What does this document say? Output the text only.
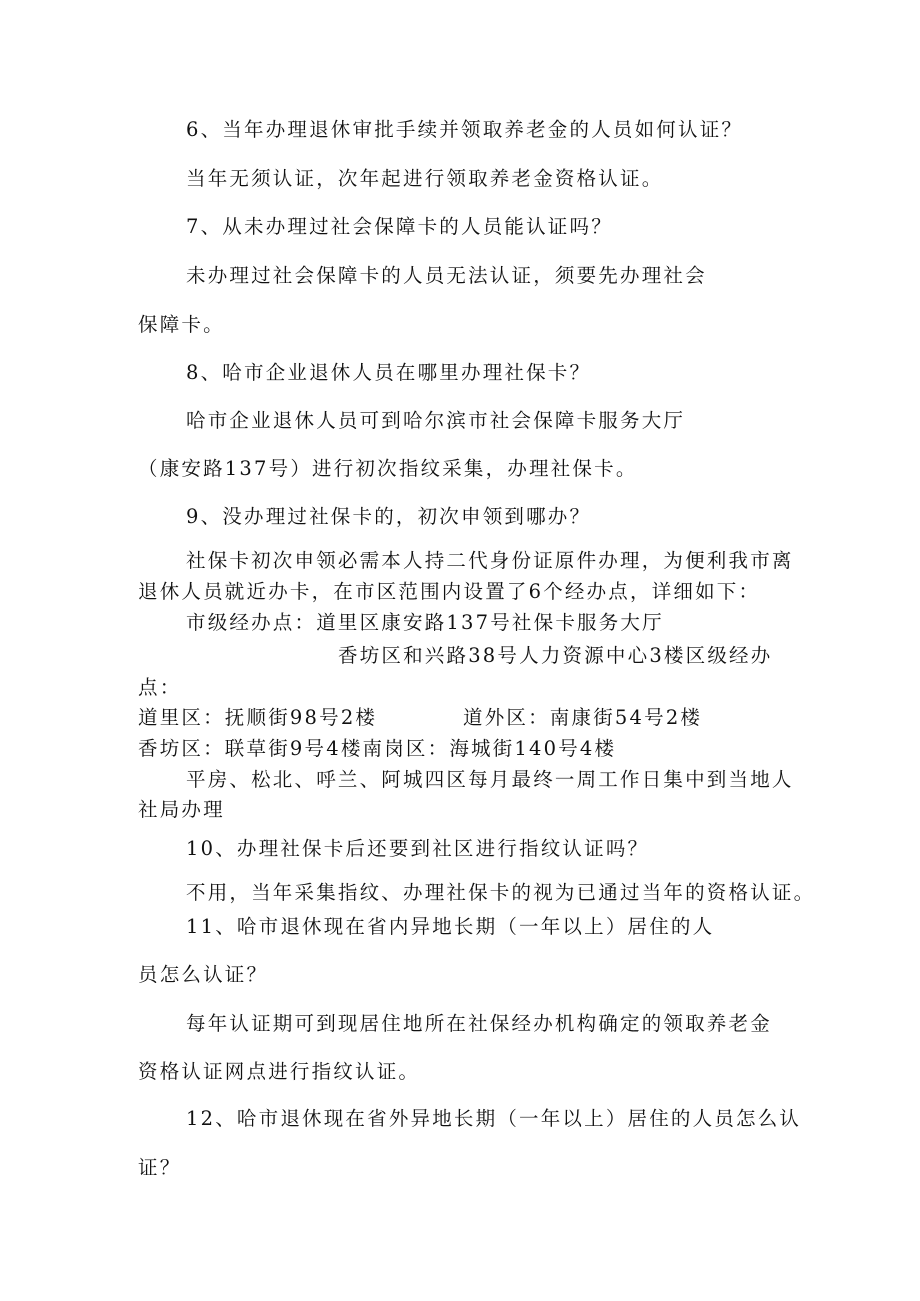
6、当年办理退休审批手续并领取养老金的人员如何认证？

当年无须认证，次年起进行领取养老金资格认证。

7、从未办理过社会保障卡的人员能认证吗？

未办理过社会保障卡的人员无法认证，须要先办理社会

保障卡。

8、哈市企业退休人员在哪里办理社保卡？

哈市企业退休人员可到哈尔滨市社会保障卡服务大厅

（康安路137号）进行初次指纹采集，办理社保卡。

9、没办理过社保卡的，初次申领到哪办？

社保卡初次申领必需本人持二代身份证原件办理，为便利我市离

退休人员就近办卡，在市区范围内设置了6个经办点，详细如下：

市级经办点：道里区康安路137号社保卡服务大厅

香坊区和兴路38号人力资源中心3楼区级经办

点：

道里区：抚顺街98号2楼	道外区：南康街54号2楼

香坊区：联草街9号4楼南岗区：海城街140号4楼

平房、松北、呼兰、阿城四区每月最终一周工作日集中到当地人

社局办理

10、办理社保卡后还要到社区进行指纹认证吗？

不用，当年采集指纹、办理社保卡的视为已通过当年的资格认证。

11、哈市退休现在省内异地长期（一年以上）居住的人

员怎么认证？

每年认证期可到现居住地所在社保经办机构确定的领取养老金

资格认证网点进行指纹认证。

12、哈市退休现在省外异地长期（一年以上）居住的人员怎么认

证？
